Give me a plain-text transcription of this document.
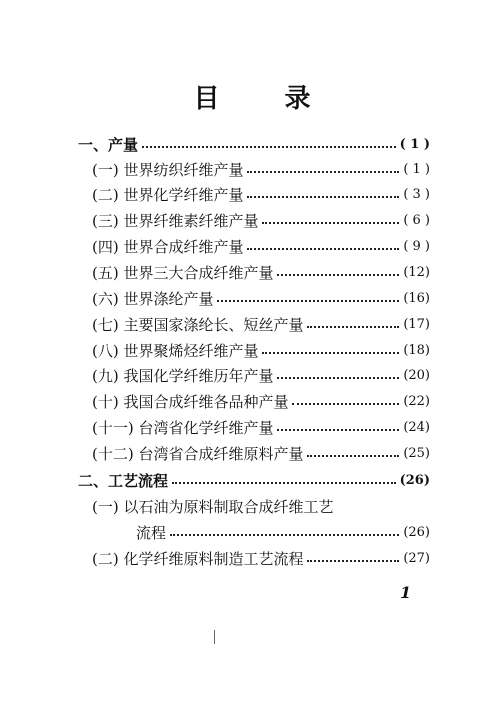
目 录
一、产量	( 1 )
(一) 世界纺织纤维产量	( 1 )
(二) 世界化学纤维产量	( 3 )
(三) 世界纤维素纤维产量	( 6 )
(四) 世界合成纤维产量	( 9 )
(五) 世界三大合成纤维产量	(12)
(六) 世界涤纶产量	(16)
(七) 主要国家涤纶长、短丝产量	(17)
(八) 世界聚烯烃纤维产量	(18)
(九) 我国化学纤维历年产量	(20)
(十) 我国合成纤维各品种产量	(22)
(十一) 台湾省化学纤维产量	(24)
(十二) 台湾省合成纤维原料产量	(25)
二、工艺流程	(26)
(一) 以石油为原料制取合成纤维工艺
流程	(26)
(二) 化学纤维原料制造工艺流程	(27)
1
